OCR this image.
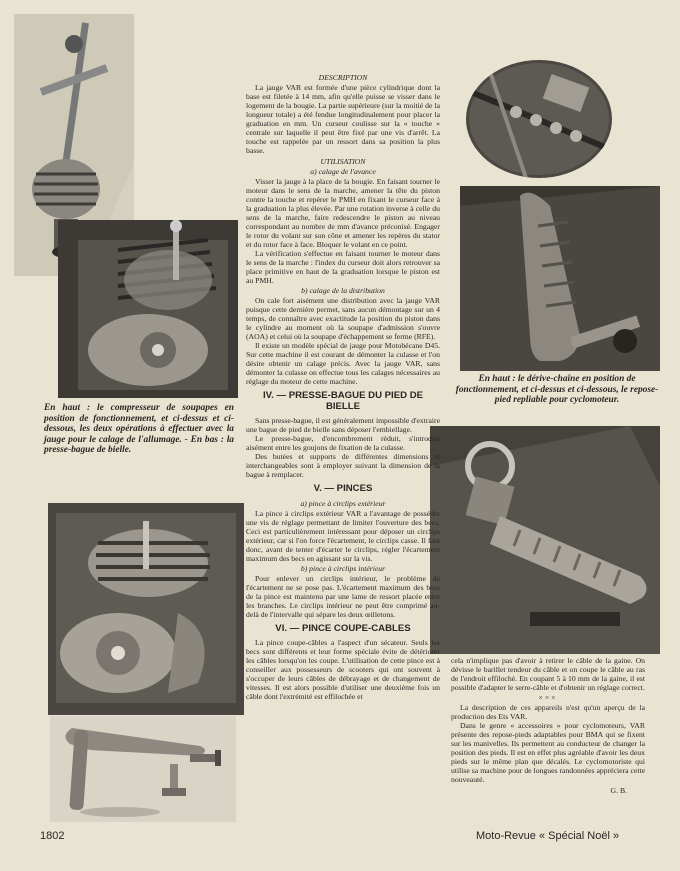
En haut : le compresseur de soupapes en position de fonctionnement, et ci-dessus et ci-dessous, les deux opérations à effectuer avec la jauge pour le calage de l'allumage. - En bas : la presse-bague de bielle.
En haut : le dérive-chaîne en position de fonctionnement, et ci-dessus et ci-dessous, le repose-pied repliable pour cyclomoteur.
DESCRIPTION

La jauge VAR est formée d'une pièce cylindrique dont la base est filetée à 14 mm, afin qu'elle puisse se visser dans le logement de la bougie. La partie supérieure (sur la moitié de la longueur totale) a été fendue longitudinalement pour placer la graduation en mm. Un curseur coulisse sur la « touche » centrale sur laquelle il peut être fixé par une vis d'arrêt. La touche est rappelée par un ressort dans sa position la plus basse.

UTILISATION
a) calage de l'avance

Visser la jauge à la place de la bougie. En faisant tourner le moteur dans le sens de la marche, amener la tête du piston contre la touche et repérer le PMH en fixant le curseur face à la graduation la plus élevée. Par une rotation inverse à celle du sens de la marche, faire redescendre le piston au niveau correspondant au nombre de mm d'avance préconisé. Engager le rotor du volant sur son cône et amener les repères du stator et du rotor face à face. Bloquer le volant en ce point.

La vérification s'effectue en faisant tourner le moteur dans le sens de la marche : l'index du curseur doit alors retrouver sa place primitive en haut de la graduation lorsque le piston est au PMH.

b) calage de la distribution

On cale fort aisément une distribution avec la jauge VAR puisque cette dernière permet, sans aucun démontage sur un 4 temps, de connaître avec exactitude la position du piston dans le cylindre au moment où la soupape d'admission s'ouvre (AOA) et celui où la soupape d'échappement se ferme (RFE).

Il existe un modèle spécial de jauge pour Motobécane D45. Sur cette machine il est courant de démonter la culasse et l'on désire obtenir un calage précis. Avec la jauge VAR, sans démonter la culasse on effectue tous les calages nécessaires au réglage du moteur de cette machine.

IV. — PRESSE-BAGUE DU PIED DE BIELLE

Sans presse-bague, il est généralement impossible d'extraire une bague de pied de bielle sans déposer l'embiellage.

Le presse-bague, d'encombrement réduit, s'introduit aisément entre les goujons de fixation de la culasse.

Des butées et supports de différentes dimensions et interchangeables sont à employer suivant la dimension de la bague à remplacer.

V. — PINCES
a) pince à circlips extérieur

La pince à circlips extérieur VAR a l'avantage de posséder une vis de réglage permettant de limiter l'ouverture des becs. Ceci est particulièrement intéressant pour déposer un circlips extérieur, car si l'on force l'écartement, le circlips casse. Il faut donc, avant de tenter d'écarter le circlips, régler l'écartement maximum des becs en agissant sur la vis.

b) pince à circlips intérieur

Pour enlever un circlips intérieur, le problème de l'écartement ne se pose pas. L'écartement maximum des becs de la pince est maintenu par une lame de ressort placée entre les branches. Le circlips intérieur ne peut être comprimé au-delà de l'intervalle qui sépare les deux œilletons.

VI. — PINCE COUPE-CABLES

La pince coupe-câbles a l'aspect d'un sécateur. Seuls les becs sont différents et leur forme spéciale évite de détériorer les câbles lorsqu'on les coupe. L'utilisation de cette pince est à conseiller aux possesseurs de scooters qui ont souvent à s'occuper de leurs câbles de débrayage et de changement de vitesses. Il est alors possible d'utiliser une deuxième fois un câble dont l'extrémité est effilochée et

cela n'implique pas d'avoir à retirer le câble de la gaine. On dévisse le barillet tendeur du câble et on coupe le câble au ras de l'endroit effiloché. En coupant 5 à 10 mm de la gaine, il est possible d'adapter le serre-câble et d'obtenir un réglage correct.

×××

La description de ces appareils n'est qu'un aperçu de la production des Ets VAR.

Dans le genre « accessoires » pour cyclomoteurs, VAR présente des repose-pieds adaptables pour BMA qui se fixent sur les manivelles. Ils permettent au conducteur de changer la position des pieds. Il est en effet plus agréable d'avoir les deux pieds sur le même plan que décalés. Le cyclomotoriste qui utilise sa machine pour de longues randonnées appréciera cette nouveauté.

G. B.
1802	Moto-Revue « Spécial Noël »
